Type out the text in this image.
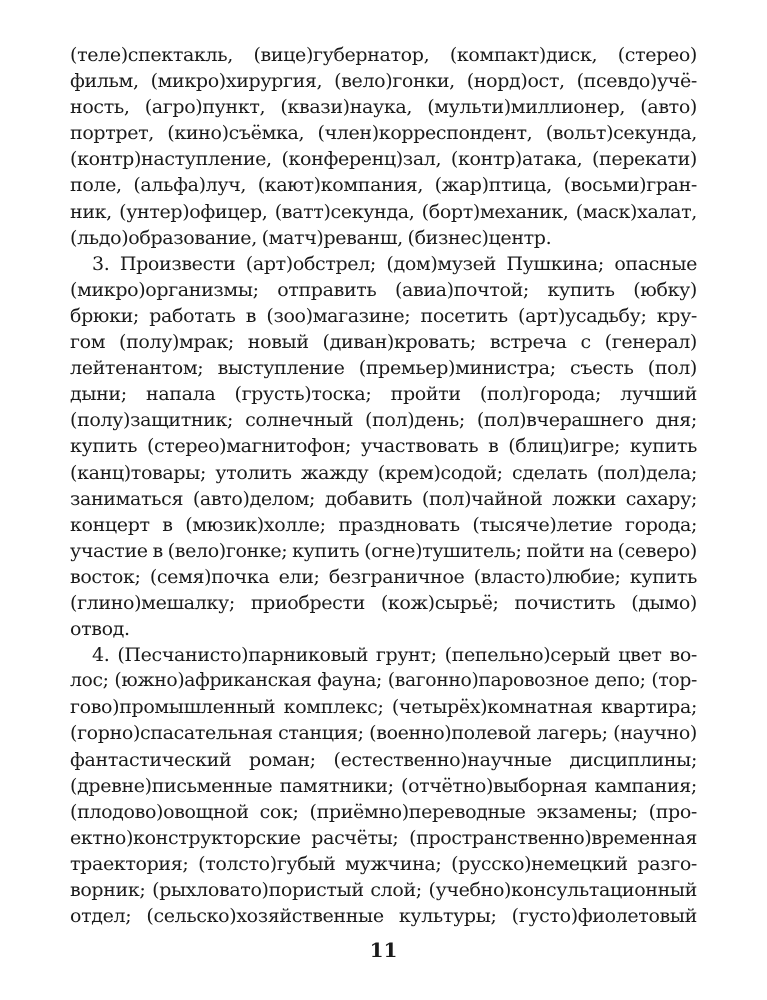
(теле)спектакль, (вице)губернатор, (компакт)диск, (стерео)
фильм, (микро)хирургия, (вело)гонки, (норд)ост, (псевдо)учё-
ность, (агро)пункт, (квази)наука, (мульти)миллионер, (авто)
портрет, (кино)съёмка, (член)корреспондент, (вольт)секунда,
(контр)наступление, (конференц)зал, (контр)атака, (перекати)
поле, (альфа)луч, (кают)компания, (жар)птица, (восьми)гран-
ник, (унтер)офицер, (ватт)секунда, (борт)механик, (маск)халат,
(льдо)образование, (матч)реванш, (бизнес)центр.
3. Произвести (арт)обстрел; (дом)музей Пушкина; опасные
(микро)организмы; отправить (авиа)почтой; купить (юбку)
брюки; работать в (зоо)магазине; посетить (арт)усадьбу; кру-
гом (полу)мрак; новый (диван)кровать; встреча с (генерал)
лейтенантом; выступление (премьер)министра; съесть (пол)
дыни; напала (грусть)тоска; пройти (пол)города; лучший
(полу)защитник; солнечный (пол)день; (пол)вчерашнего дня;
купить (стерео)магнитофон; участвовать в (блиц)игре; купить
(канц)товары; утолить жажду (крем)содой; сделать (пол)дела;
заниматься (авто)делом; добавить (пол)чайной ложки сахару;
концерт в (мюзик)холле; праздновать (тысяче)летие города;
участие в (вело)гонке; купить (огне)тушитель; пойти на (северо)
восток; (семя)почка ели; безграничное (власто)любие; купить
(глино)мешалку; приобрести (кож)сырьё; почистить (дымо)
отвод.
4. (Песчанисто)парниковый грунт; (пепельно)серый цвет во-
лос; (южно)африканская фауна; (вагонно)паровозное депо; (тор-
гово)промышленный комплекс; (четырёх)комнатная квартира;
(горно)спасательная станция; (военно)полевой лагерь; (научно)
фантастический роман; (естественно)научные дисциплины;
(древне)письменные памятники; (отчётно)выборная кампания;
(плодово)овощной сок; (приёмно)переводные экзамены; (про-
ектно)конструкторские расчёты; (пространственно)временная
траектория; (толсто)губый мужчина; (русско)немецкий разго-
ворник; (рыхловато)пористый слой; (учебно)консультационный
отдел; (сельско)хозяйственные культуры; (густо)фиолетовый
11
